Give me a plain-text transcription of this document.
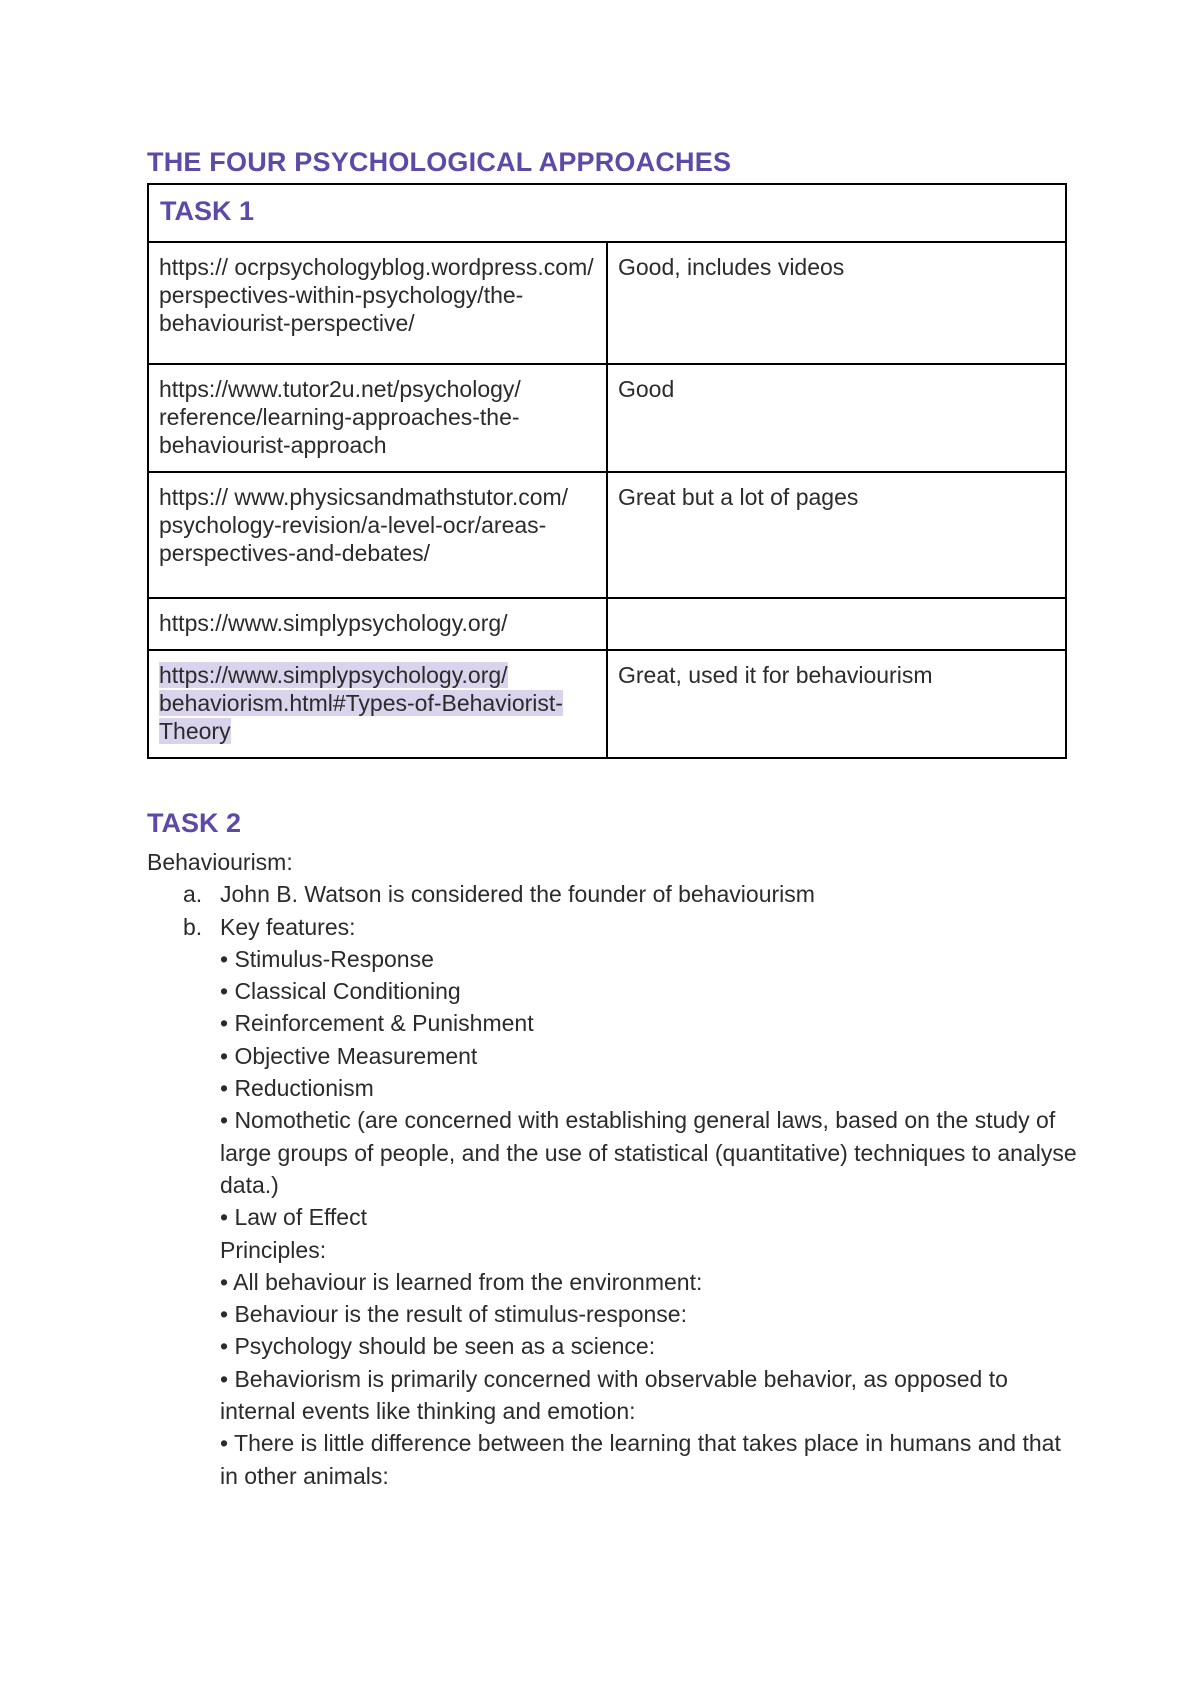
THE FOUR PSYCHOLOGICAL APPROACHES
TASK 1	

https:// ocrpsychologyblog.wordpress.com/ perspectives-within-psychology/the-behaviourist-perspective/	Good, includes videos

https://www.tutor2u.net/psychology/ reference/learning-approaches-the-behaviourist-approach	Good

https:// www.physicsandmathstutor.com/ psychology-revision/a-level-ocr/areas-perspectives-and-debates/	Great but a lot of pages

https://www.simplypsychology.org/	

https://www.simplypsychology.org/ behaviorism.html#Types-of-Behaviorist-Theory	Great, used it for behaviourism
TASK 2

Behaviourism:

a. John B. Watson is considered the founder of behaviourism
b. Key features:
• Stimulus-Response
• Classical Conditioning
• Reinforcement & Punishment
• Objective Measurement
• Reductionism
• Nomothetic (are concerned with establishing general laws, based on the study of large groups of people, and the use of statistical (quantitative) techniques to analyse data.)
• Law of Effect
Principles:
• All behaviour is learned from the environment:
• Behaviour is the result of stimulus-response:
• Psychology should be seen as a science:
• Behaviorism is primarily concerned with observable behavior, as opposed to internal events like thinking and emotion:
• There is little difference between the learning that takes place in humans and that in other animals:
